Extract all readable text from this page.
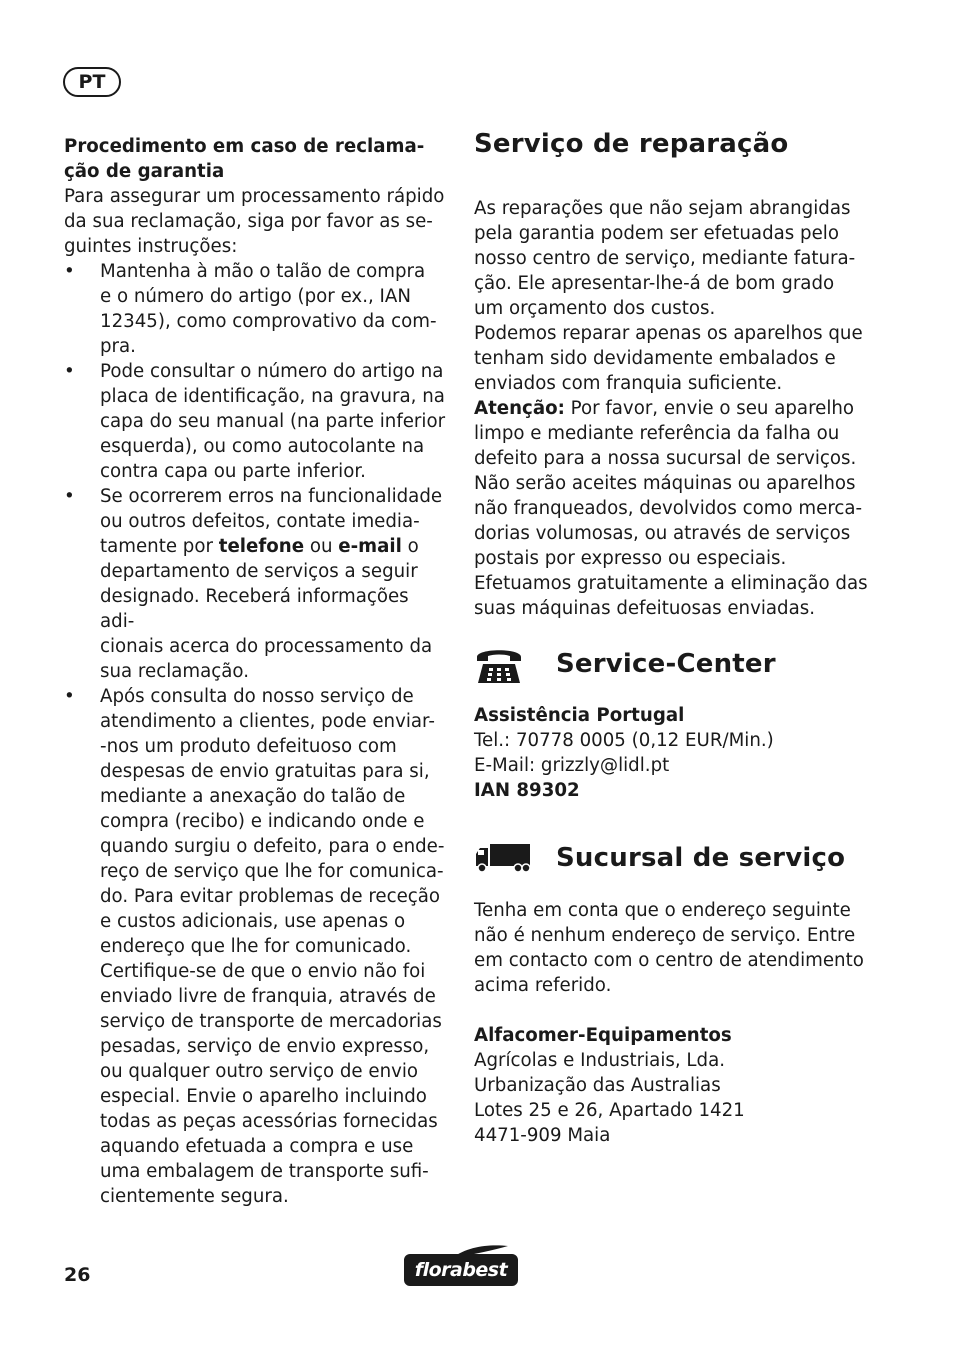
PT

Procedimento em caso de reclama-

ção de garantia

Para assegurar um processamento rápido

da sua reclamação, siga por favor as se-

guintes instruções:

• Mantenha à mão o talão de compra
e o número do artigo (por ex., IAN
12345), como comprovativo da com-
pra.
• Pode consultar o número do artigo na
placa de identificação, na gravura, na
capa do seu manual (na parte inferior
esquerda), ou como autocolante na
contra capa ou parte inferior.
• Se ocorrerem erros na funcionalidade
ou outros defeitos, contate imedia-
tamente por telefone ou e-mail o
departamento de serviços a seguir
designado. Receberá informações adi-
cionais acerca do processamento da
sua reclamação.
• Após consulta do nosso serviço de
atendimento a clientes, pode enviar-
-nos um produto defeituoso com
despesas de envio gratuitas para si,
mediante a anexação do talão de
compra (recibo) e indicando onde e
quando surgiu o defeito, para o ende-
reço de serviço que lhe for comunica-
do. Para evitar problemas de receção
e custos adicionais, use apenas o
endereço que lhe for comunicado.
Certifique-se de que o envio não foi
enviado livre de franquia, através de
serviço de transporte de mercadorias
pesadas, serviço de envio expresso,
ou qualquer outro serviço de envio
especial. Envie o aparelho incluindo
todas as peças acessórias fornecidas
aquando efetuada a compra e use
uma embalagem de transporte sufi-
cientemente segura.
Serviço de reparação

As reparações que não sejam abrangidas

pela garantia podem ser efetuadas pelo

nosso centro de serviço, mediante fatura-

ção. Ele apresentar-lhe-á de bom grado

um orçamento dos custos.

Podemos reparar apenas os aparelhos que

tenham sido devidamente embalados e

enviados com franquia suficiente.

Atenção: Por favor, envie o seu aparelho

limpo e mediante referência da falha ou

defeito para a nossa sucursal de serviços.

Não serão aceites máquinas ou aparelhos

não franqueados, devolvidos como merca-

dorias volumosas, ou através de serviços

postais por expresso ou especiais.

Efetuamos gratuitamente a eliminação das

suas máquinas defeituosas enviadas.

Service-Center

Assistência Portugal

Tel.: 70778 0005 (0,12 EUR/Min.)

E-Mail: grizzly@lidl.pt

IAN 89302

Sucursal de serviço

Tenha em conta que o endereço seguinte

não é nenhum endereço de serviço. Entre

em contacto com o centro de atendimento

acima referido.

Alfacomer-Equipamentos

Agrícolas e Industriais, Lda.

Urbanização das Australias

Lotes 25 e 26, Apartado 1421

4471-909 Maia

26	florabest
